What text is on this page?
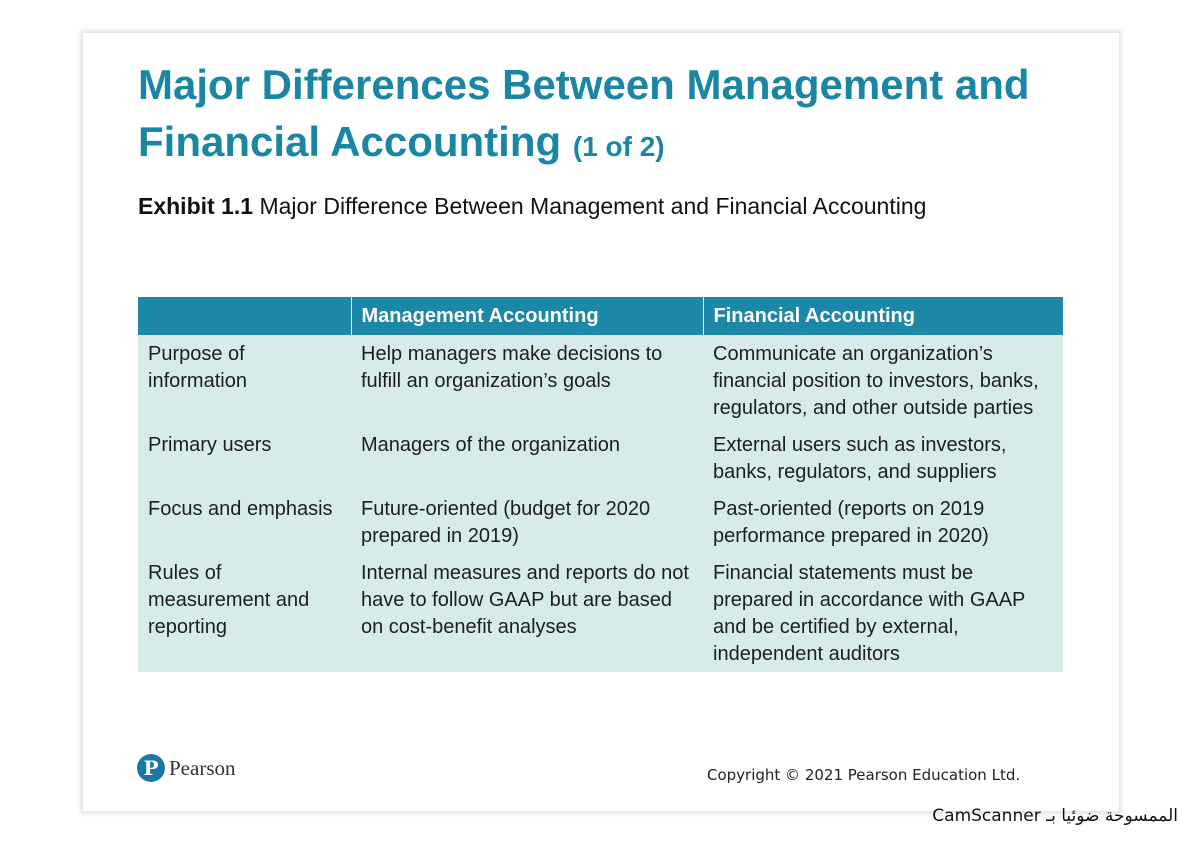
Major Differences Between Management and Financial Accounting (1 of 2)
Exhibit 1.1 Major Difference Between Management and Financial Accounting
	Management Accounting	Financial Accounting
Purpose of information	Help managers make decisions to fulfill an organization’s goals	Communicate an organization’s financial position to investors, banks, regulators, and other outside parties
Primary users	Managers of the organization	External users such as investors, banks, regulators, and suppliers
Focus and emphasis	Future-oriented (budget for 2020 prepared in 2019)	Past-oriented (reports on 2019 performance prepared in 2020)
Rules of measurement and reporting	Internal measures and reports do not have to follow GAAP but are based on cost-benefit analyses	Financial statements must be prepared in accordance with GAAP and be certified by external, independent auditors
P Pearson	Copyright © 2021 Pearson Education Ltd.
الممسوحة ضوئيا بـ CamScanner
